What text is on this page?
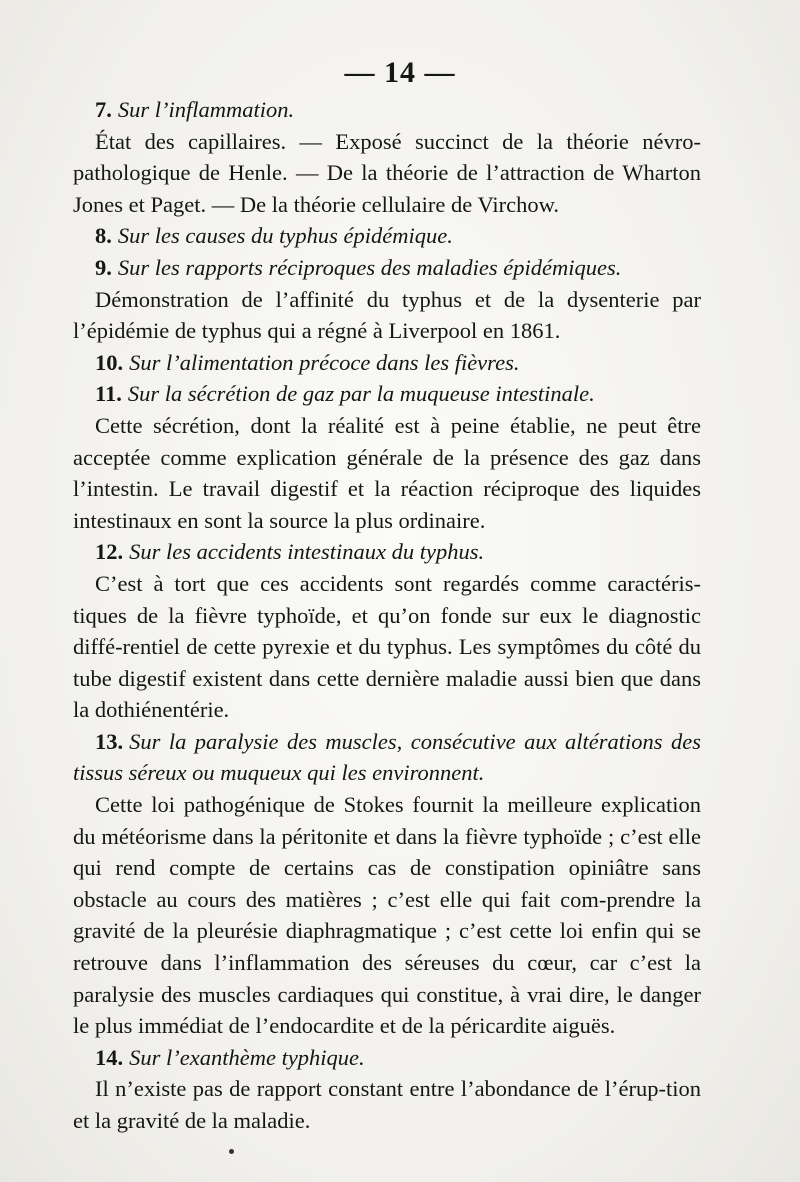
— 14 —

7. Sur l’inflammation.

État des capillaires. — Exposé succinct de la théorie névro-pathologique de Henle. — De la théorie de l’attraction de Wharton Jones et Paget. — De la théorie cellulaire de Virchow.

8. Sur les causes du typhus épidémique.

9. Sur les rapports réciproques des maladies épidémiques.

Démonstration de l’affinité du typhus et de la dysenterie par l’épidémie de typhus qui a régné à Liverpool en 1861.

10. Sur l’alimentation précoce dans les fièvres.

11. Sur la sécrétion de gaz par la muqueuse intestinale.

Cette sécrétion, dont la réalité est à peine établie, ne peut être acceptée comme explication générale de la présence des gaz dans l’intestin. Le travail digestif et la réaction réciproque des liquides intestinaux en sont la source la plus ordinaire.

12. Sur les accidents intestinaux du typhus.

C’est à tort que ces accidents sont regardés comme caractéris-tiques de la fièvre typhoïde, et qu’on fonde sur eux le diagnostic diffé-rentiel de cette pyrexie et du typhus. Les symptômes du côté du tube digestif existent dans cette dernière maladie aussi bien que dans la dothiénentérie.

13. Sur la paralysie des muscles, consécutive aux altérations des tissus séreux ou muqueux qui les environnent.

Cette loi pathogénique de Stokes fournit la meilleure explication du météorisme dans la péritonite et dans la fièvre typhoïde ; c’est elle qui rend compte de certains cas de constipation opiniâtre sans obstacle au cours des matières ; c’est elle qui fait com-prendre la gravité de la pleurésie diaphragmatique ; c’est cette loi enfin qui se retrouve dans l’inflammation des séreuses du cœur, car c’est la paralysie des muscles cardiaques qui constitue, à vrai dire, le danger le plus immédiat de l’endocardite et de la péricardite aiguës.

14. Sur l’exanthème typhique.

Il n’existe pas de rapport constant entre l’abondance de l’érup-tion et la gravité de la maladie.
